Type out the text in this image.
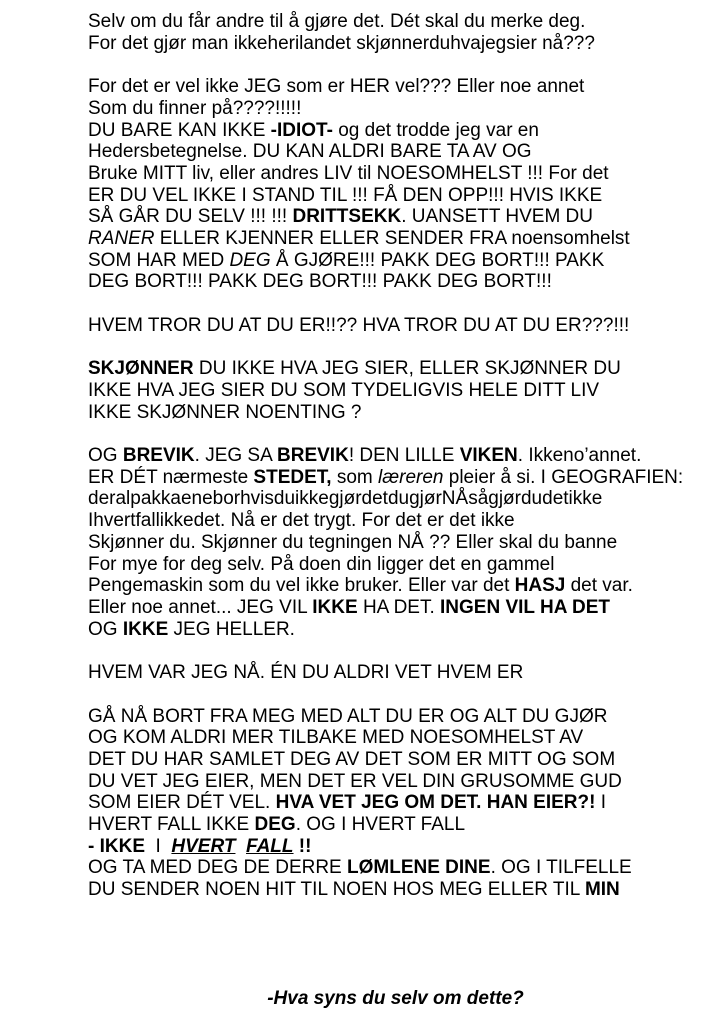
Selv om du får andre til å gjøre det. Dét skal du merke deg.
For det gjør man ikkeherilandet skjønnerduhvajegsier nå???

For det er vel ikke JEG som er HER vel??? Eller noe annet
Som du finner på????!!!!!
DU BARE KAN IKKE -IDIOT- og det trodde jeg var en
Hedersbetegnelse. DU KAN ALDRI BARE TA AV OG
Bruke MITT liv, eller andres LIV til NOESOMHELST !!! For det
ER DU VEL IKKE I STAND TIL !!! FÅ DEN OPP!!! HVIS IKKE
SÅ GÅR DU SELV !!! !!! DRITTSEKK. UANSETT HVEM DU
RANER ELLER KJENNER ELLER SENDER FRA noensomhelst
SOM HAR MED DEG Å GJØRE!!! PAKK DEG BORT!!! PAKK
DEG BORT!!! PAKK DEG BORT!!! PAKK DEG BORT!!!

HVEM TROR DU AT DU ER!!?? HVA TROR DU AT DU ER???!!!

SKJØNNER DU IKKE HVA JEG SIER, ELLER SKJØNNER DU
IKKE HVA JEG SIER DU SOM TYDELIGVIS HELE DITT LIV
IKKE SKJØNNER NOENTING ?

OG BREVIK. JEG SA BREVIK! DEN LILLE VIKEN. Ikkeno’annet.
ER DÉT nærmeste STEDET, som læreren pleier å si. I GEOGRAFIEN:
deralpakkaeneborhvisduikkegjørdetdugjørNÅsågjørdudetikke
Ihvertfallikkedet. Nå er det trygt. For det er det ikke
Skjønner du. Skjønner du tegningen NÅ ?? Eller skal du banne
For mye for deg selv. På doen din ligger det en gammel
Pengemaskin som du vel ikke bruker. Eller var det HASJ det var.
Eller noe annet... JEG VIL IKKE HA DET. INGEN VIL HA DET
OG IKKE JEG HELLER.

HVEM VAR JEG NÅ. ÉN DU ALDRI VET HVEM ER

GÅ NÅ BORT FRA MEG MED ALT DU ER OG ALT DU GJØR
OG KOM ALDRI MER TILBAKE MED NOESOMHELST AV
DET DU HAR SAMLET DEG AV DET SOM ER MITT OG SOM
DU VET JEG EIER, MEN DET ER VEL DIN GRUSOMME GUD
SOM EIER DÉT VEL. HVA VET JEG OM DET. HAN EIER?! I
HVERT FALL IKKE DEG. OG I HVERT FALL
- IKKE  I  HVERT FALL !!
OG TA MED DEG DE DERRE LØMLENE DINE. OG I TILFELLE
DU SENDER NOEN HIT TIL NOEN HOS MEG ELLER TIL MIN

-Hva syns du selv om dette?
